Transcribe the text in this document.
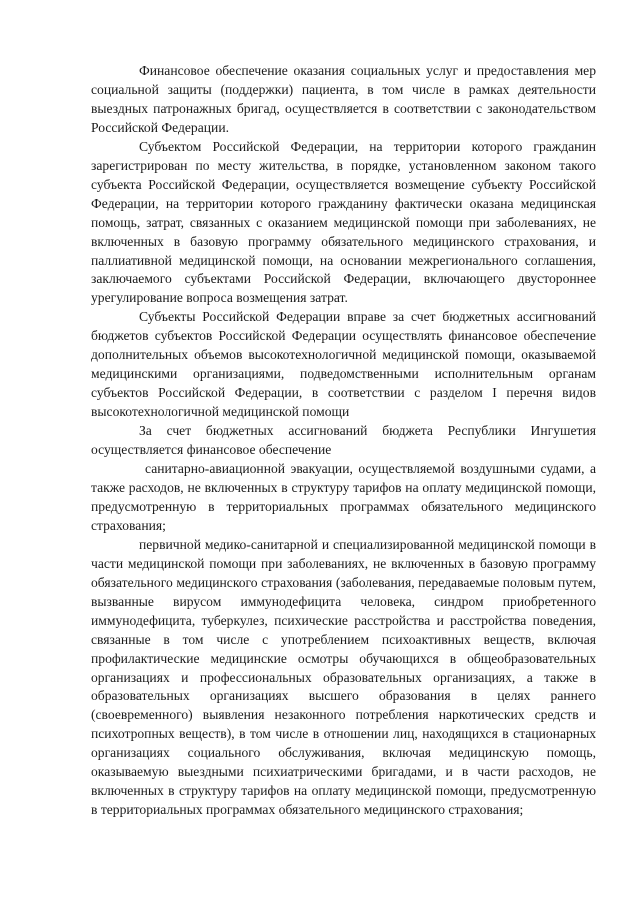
Финансовое обеспечение оказания социальных услуг и предоставления мер социальной защиты (поддержки) пациента, в том числе в рамках деятельности выездных патронажных бригад, осуществляется в соответствии с законодательством Российской Федерации.

Субъектом Российской Федерации, на территории которого гражданин зарегистрирован по месту жительства, в порядке, установленном законом такого субъекта Российской Федерации, осуществляется возмещение субъекту Российской Федерации, на территории которого гражданину фактически оказана медицинская помощь, затрат, связанных с оказанием медицинской помощи при заболеваниях, не включенных в базовую программу обязательного медицинского страхования, и паллиативной медицинской помощи, на основании межрегионального соглашения, заключаемого субъектами Российской Федерации, включающего двустороннее урегулирование вопроса возмещения затрат.

Субъекты Российской Федерации вправе за счет бюджетных ассигнований бюджетов субъектов Российской Федерации осуществлять финансовое обеспечение дополнительных объемов высокотехнологичной медицинской помощи, оказываемой медицинскими организациями, подведомственными исполнительным органам субъектов Российской Федерации, в соответствии с разделом I перечня видов высокотехнологичной медицинской помощи

За счет бюджетных ассигнований бюджета Республики Ингушетия осуществляется финансовое обеспечение

санитарно-авиационной эвакуации, осуществляемой воздушными судами, а также расходов, не включенных в структуру тарифов на оплату медицинской помощи, предусмотренную в территориальных программах обязательного медицинского страхования;

первичной медико-санитарной и специализированной медицинской помощи в части медицинской помощи при заболеваниях, не включенных в базовую программу обязательного медицинского страхования (заболевания, передаваемые половым путем, вызванные вирусом иммунодефицита человека, синдром приобретенного иммунодефицита, туберкулез, психические расстройства и расстройства поведения, связанные в том числе с употреблением психоактивных веществ, включая профилактические медицинские осмотры обучающихся в общеобразовательных организациях и профессиональных образовательных организациях, а также в образовательных организациях высшего образования в целях раннего (своевременного) выявления незаконного потребления наркотических средств и психотропных веществ), в том числе в отношении лиц, находящихся в стационарных организациях социального обслуживания, включая медицинскую помощь, оказываемую выездными психиатрическими бригадами, и в части расходов, не включенных в структуру тарифов на оплату медицинской помощи, предусмотренную в территориальных программах обязательного медицинского страхования;
